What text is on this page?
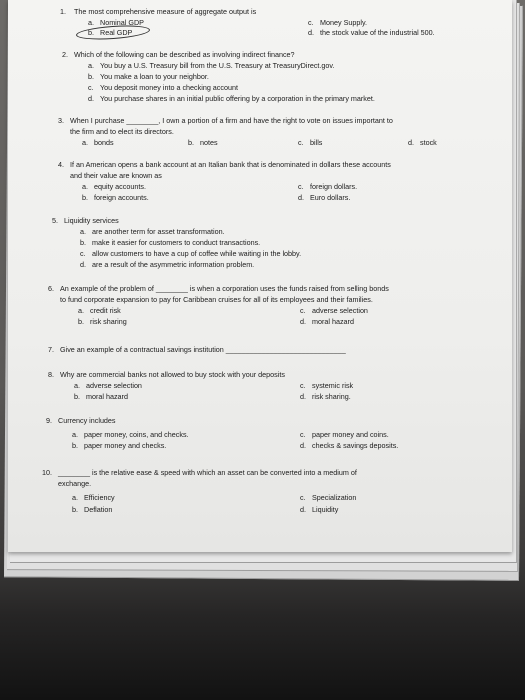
1. The most comprehensive measure of aggregate output is
a. Nominal GDP
b. Real GDP
c. Money Supply.
d. the stock value of the industrial 500.
2. Which of the following can be described as involving indirect finance?
a. You buy a U.S. Treasury bill from the U.S. Treasury at TreasuryDirect.gov.
b. You make a loan to your neighbor.
c. You deposit money into a checking account
d. You purchase shares in an initial public offering by a corporation in the primary market.
3. When I purchase ________, I own a portion of a firm and have the right to vote on issues important to
the firm and to elect its directors.
a. bonds	b. notes	c. bills	d. stock
4. If an American opens a bank account at an Italian bank that is denominated in dollars these accounts
and their value are known as
a. equity accounts.
b. foreign accounts.
c. foreign dollars.
d. Euro dollars.
5. Liquidity services
a. are another term for asset transformation.
b. make it easier for customers to conduct transactions.
c. allow customers to have a cup of coffee while waiting in the lobby.
d. are a result of the asymmetric information problem.
6. An example of the problem of ________ is when a corporation uses the funds raised from selling bonds
to fund corporate expansion to pay for Caribbean cruises for all of its employees and their families.
a. credit risk
b. risk sharing
c. adverse selection
d. moral hazard
7. Give an example of a contractual savings institution ______________________________
8. Why are commercial banks not allowed to buy stock with your deposits
a. adverse selection
b. moral hazard
c. systemic risk
d. risk sharing.
9. Currency includes
a. paper money, coins, and checks.
b. paper money and checks.
c. paper money and coins.
d. checks & savings deposits.
10. ________ is the relative ease & speed with which an asset can be converted into a medium of
exchange.
a. Efficiency
b. Deflation
c. Specialization
d. Liquidity
